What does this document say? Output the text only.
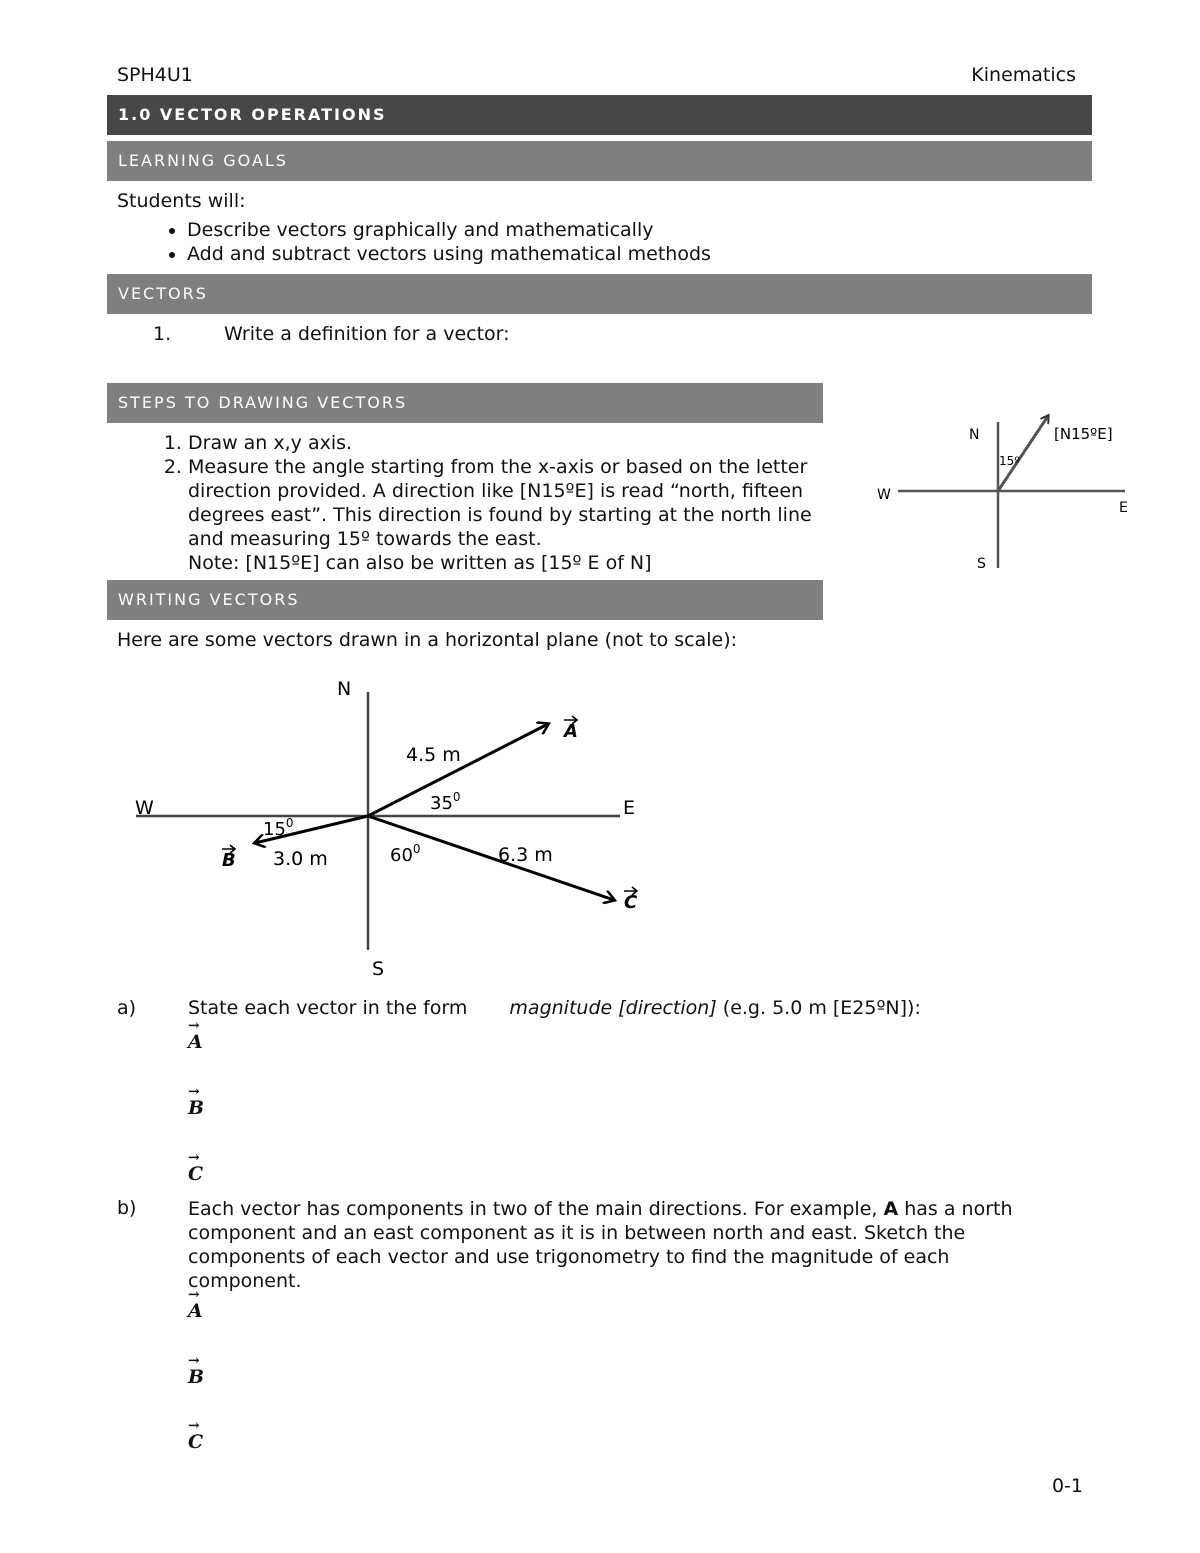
SPH4U1	Kinematics
1.0 VECTOR OPERATIONS
LEARNING GOALS
Students will:
• Describe vectors graphically and mathematically
• Add and subtract vectors using mathematical methods
VECTORS
1.	Write a definition for a vector:
STEPS TO DRAWING VECTORS
1. Draw an x,y axis.
2. Measure the angle starting from the x-axis or based on the letter direction provided. A direction like [N15ºE] is read “north, fifteen degrees east”. This direction is found by starting at the north line and measuring 15º towards the east.
Note: [N15ºE] can also be written as [15º E of N]
N
S
E
W
15º
[N15ºE]
WRITING VECTORS
Here are some vectors drawn in a horizontal plane (not to scale):
N
S
E
W
4.5 m
3.0 m	6.3 m
$35^0$
$15^0$
$60^0$
A
B
C
a)	State each vector in the form magnitude [direction] (e.g. 5.0 m [E25ºN]):
→ A
→ B
→ C
b)	Each vector has components in two of the main directions. For example, A has a north component and an east component as it is in between north and east. Sketch the components of each vector and use trigonometry to find the magnitude of each component.
→ A
→ B
→ C
0-1
